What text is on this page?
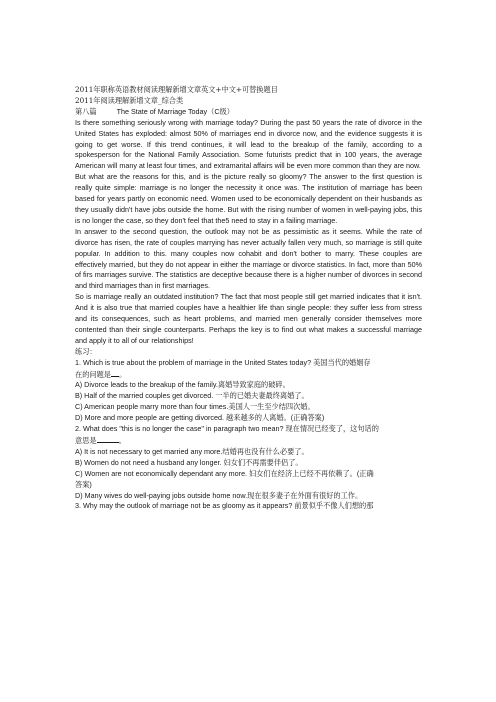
2011年职称英语教材阅读理解新增文章英文+中文+可替换题目
2011年阅读理解新增文章_综合类
第八篇	The State of Marriage Today（C级）

Is there something seriously wrong with marriage today? During the past 50 years the rate of divorce in the United States has exploded: almost 50% of marriages end in divorce now, and the evidence suggests it is going to get worse. If this trend continues, it will lead to the breakup of the family, according to a spokesperson for the National Family Association. Some futurists predict that in 100 years, the average American will many at least four times, and extramarital affairs will be even more common than they are now.

But what are the reasons for this, and is the picture really so gloomy? The answer to the first question is really quite simple: marriage is no longer the necessity it once was. The institution of marriage has been based for years partly on economic need. Women used to be economically dependent on their husbands as they usually didn't have jobs outside the home. But with the rising number of women in well-paying jobs, this is no longer the case, so they don't feel that the5 need to stay in a failing marriage.

In answer to the second question, the outlook may not be as pessimistic as it seems. While the rate of divorce has risen, the rate of couples marrying has never actually fallen very much, so marriage is still quite popular. In addition to this. many couples now cohabit and don't bother to marry. These couples are effectively married, but they do not appear in either the marriage or divorce statistics. In fact, more than 50% of firs marriages survive. The statistics are deceptive because there is a higher number of divorces in second and third marriages than in first marriages.

So is marriage really an outdated institution? The fact that most people still get married indicates that it isn't. And it is also true that married couples have a healthier life than single people: they suffer less from stress and its consequences, such as heart problems, and married men generally consider themselves more contented than their single counterparts. Perhaps the key is to find out what makes a successful marriage and apply it to all of our relationships!

练习：
1. Which is true about the problem of marriage in the United States today? 美国当代的婚姻存
在的问题是 。
A) Divorce leads to the breakup of the family.离婚导致家庭的破碎。
B) Half of the married couples get divorced. 一半的已婚夫妻最终离婚了。
C) American people marry more than four times.美国人一生至少结四次婚。
D) More and more people are getting divorced. 越来越多的人离婚。(正确答案)
2. What does "this is no longer the case" in paragraph two mean? 现在情况已经变了，这句话的
意思是	。
A) It is not necessary to get married any more.结婚再也没有什么必要了。
B) Women do not need a husband any longer. 妇女们不再需要伴侣了。
C) Women are not economically dependant any more. 妇女们在经济上已经不再依赖了。(正确
答案)
D) Many wives do well-paying jobs outside home now.现在很多妻子在外面有很好的工作。
3. Why may the outlook of marriage not be as gloomy as it appears? 前景似乎不像人们想的那
